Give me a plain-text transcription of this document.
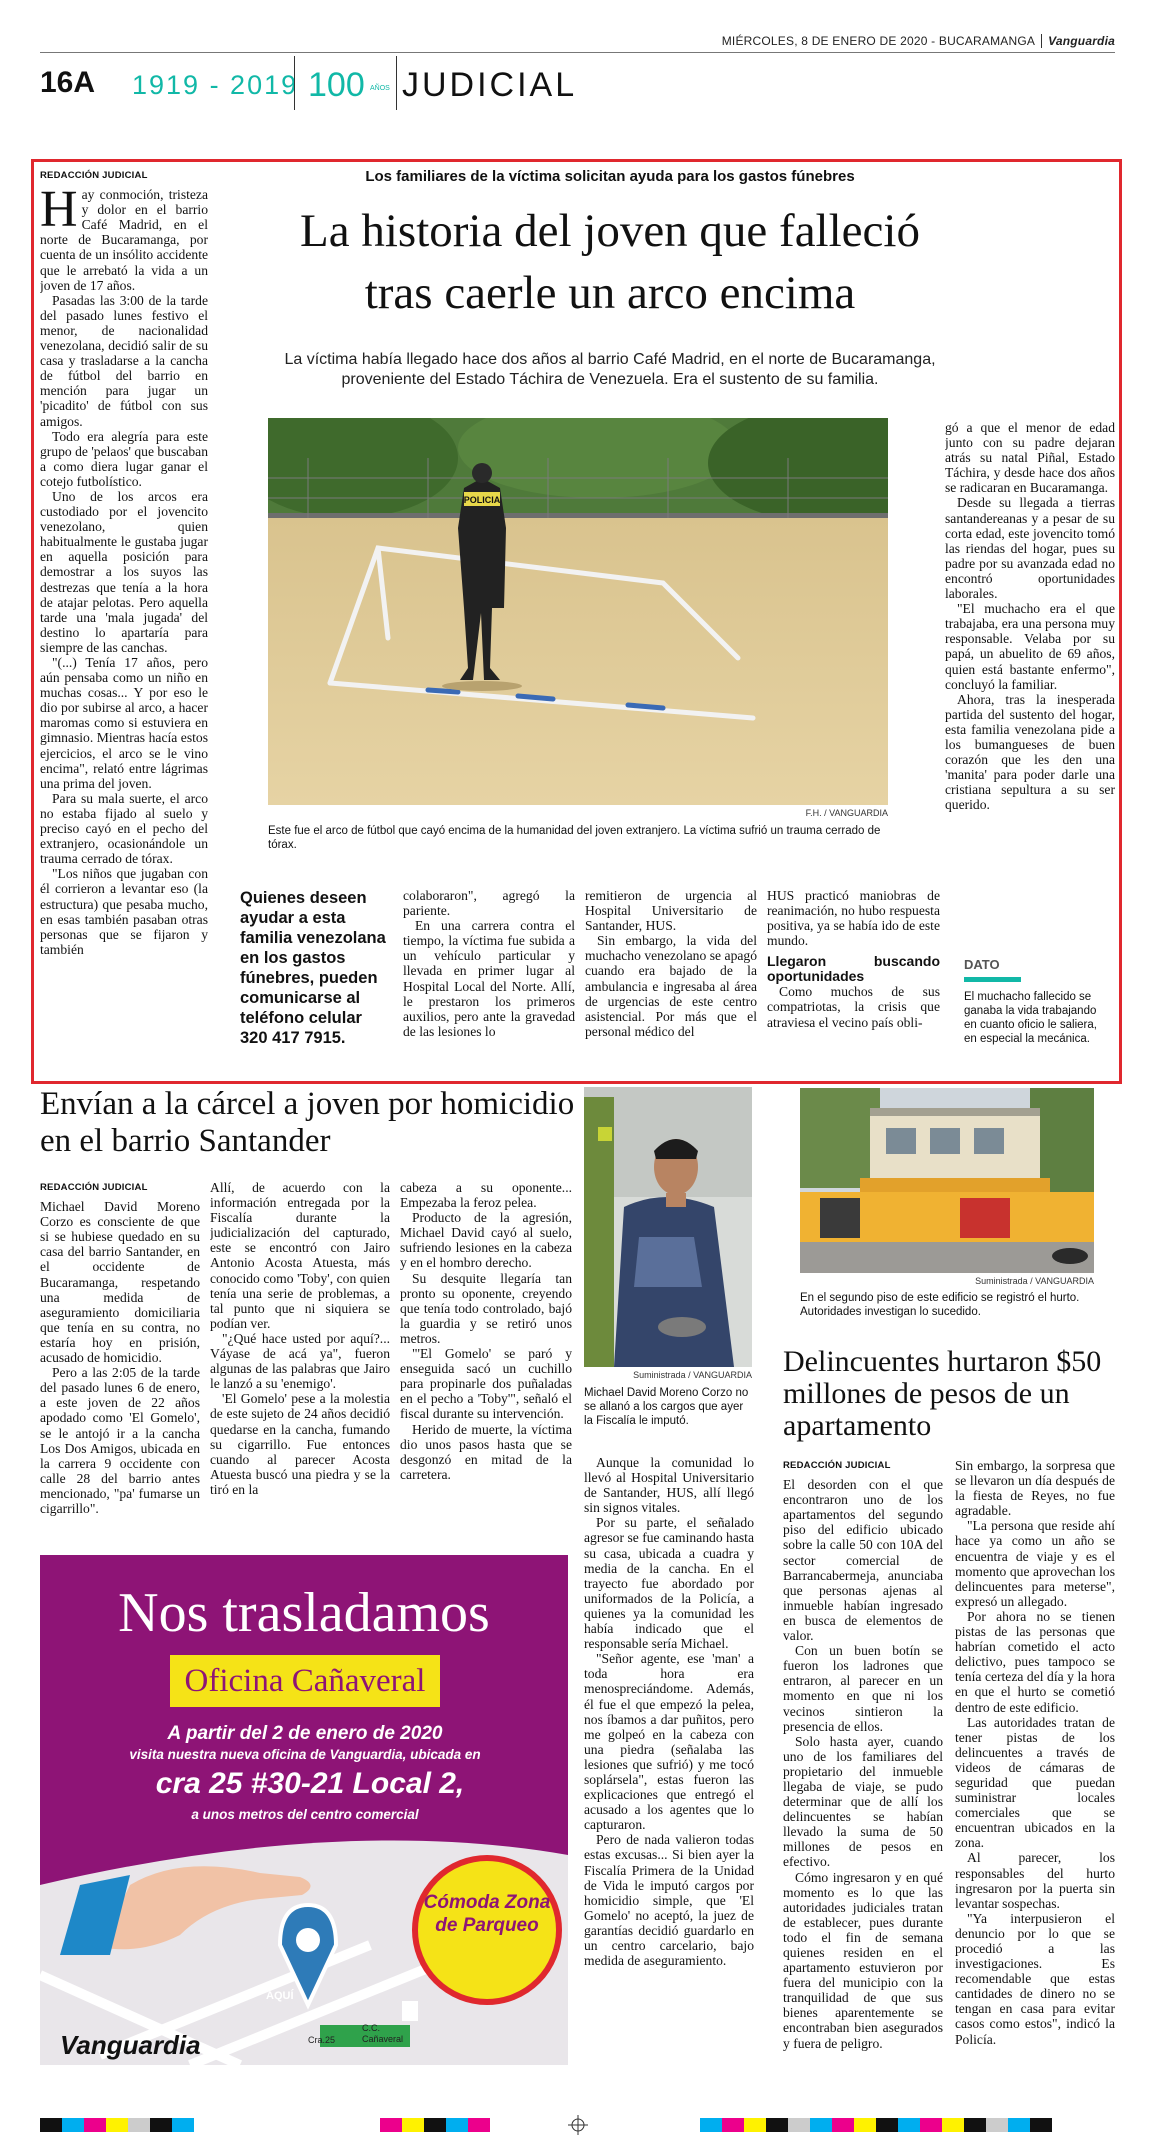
MIÉRCOLES, 8 DE ENERO DE 2020 - BUCARAMANGA Vanguardia
16A 1919 - 2019 100 AÑOS JUDICIAL
REDACCIÓN JUDICIAL

Hay conmoción, tristeza y dolor en el barrio Café Madrid, en el norte de Bucaramanga, por cuenta de un insólito accidente que le arrebató la vida a un joven de 17 años.

Pasadas las 3:00 de la tarde del pasado lunes festivo el menor, de nacionalidad venezolana, decidió salir de su casa y trasladarse a la cancha de fútbol del barrio en mención para jugar un 'picadito' de fútbol con sus amigos.

Todo era alegría para este grupo de 'pelaos' que buscaban a como diera lugar ganar el cotejo futbolístico.

Uno de los arcos era custodiado por el jovencito venezolano, quien habitualmente le gustaba jugar en aquella posición para demostrar a los suyos las destrezas que tenía a la hora de atajar pelotas. Pero aquella tarde una 'mala jugada' del destino lo apartaría para siempre de las canchas.

"(...) Tenía 17 años, pero aún pensaba como un niño en muchas cosas... Y por eso le dio por subirse al arco, a hacer maromas como si estuviera en gimnasio. Mientras hacía estos ejercicios, el arco se le vino encima", relató entre lágrimas una prima del joven.

Para su mala suerte, el arco no estaba fijado al suelo y preciso cayó en el pecho del extranjero, ocasionándole un trauma cerrado de tórax.

"Los niños que jugaban con él corrieron a levantar eso (la estructura) que pesaba mucho, en esas también pasaban otras personas que se fijaron y también

Los familiares de la víctima solicitan ayuda para los gastos fúnebres
La historia del joven que falleció tras caerle un arco encima
La víctima había llegado hace dos años al barrio Café Madrid, en el norte de Bucaramanga, proveniente del Estado Táchira de Venezuela. Era el sustento de su familia.
POLICIA
F.H. / VANGUARDIA
Este fue el arco de fútbol que cayó encima de la humanidad del joven extranjero. La víctima sufrió un trauma cerrado de tórax.
Quienes deseen ayudar a esta familia venezolana en los gastos fúnebres, pueden comunicarse al teléfono celular 320 417 7915.

colaboraron", agregó la pariente.

En una carrera contra el tiempo, la víctima fue subida a un vehículo particular y llevada en primer lugar al Hospital Local del Norte. Allí, le prestaron los primeros auxilios, pero ante la gravedad de las lesiones lo

remitieron de urgencia al Hospital Universitario de Santander, HUS.

Sin embargo, la vida del muchacho venezolano se apagó cuando era bajado de la ambulancia e ingresaba al área de urgencias de este centro asistencial. Por más que el personal médico del

HUS practicó maniobras de reanimación, no hubo respuesta positiva, ya se había ido de este mundo.

Llegaron buscando oportunidades

Como muchos de sus compatriotas, la crisis que atraviesa el vecino país obli-

gó a que el menor de edad junto con su padre dejaran atrás su natal Piñal, Estado Táchira, y desde hace dos años se radicaran en Bucaramanga.

Desde su llegada a tierras santandereanas y a pesar de su corta edad, este jovencito tomó las riendas del hogar, pues su padre por su avanzada edad no encontró oportunidades laborales.

"El muchacho era el que trabajaba, era una persona muy responsable. Velaba por su papá, un abuelito de 69 años, quien está bastante enfermo", concluyó la familiar.

Ahora, tras la inesperada partida del sustento del hogar, esta familia venezolana pide a los bumangueses de buen corazón que les den una 'manita' para poder darle una cristiana sepultura a su ser querido.

DATO
El muchacho fallecido se ganaba la vida trabajando en cuanto oficio le saliera, en especial la mecánica.
Envían a la cárcel a joven por homicidio en el barrio Santander
REDACCIÓN JUDICIAL

Michael David Moreno Corzo es consciente de que si se hubiese quedado en su casa del barrio Santander, en el occidente de Bucaramanga, respetando una medida de aseguramiento domiciliaria que tenía en su contra, no estaría hoy en prisión, acusado de homicidio.

Pero a las 2:05 de la tarde del pasado lunes 6 de enero, a este joven de 22 años apodado como 'El Gomelo', se le antojó ir a la cancha Los Dos Amigos, ubicada en la carrera 9 occidente con calle 28 del barrio antes mencionado, "pa' fumarse un cigarrillo".

Allí, de acuerdo con la información entregada por la Fiscalía durante la judicialización del capturado, este se encontró con Jairo Antonio Acosta Atuesta, más conocido como 'Toby', con quien tenía una serie de problemas, a tal punto que ni siquiera se podían ver.

"¿Qué hace usted por aquí?... Váyase de acá ya", fueron algunas de las palabras que Jairo le lanzó a su 'enemigo'.

'El Gomelo' pese a la molestia de este sujeto de 24 años decidió quedarse en la cancha, fumando su cigarrillo. Fue entonces cuando al parecer Acosta Atuesta buscó una piedra y se la tiró en la

cabeza a su oponente... Empezaba la feroz pelea.

Producto de la agresión, Michael David cayó al suelo, sufriendo lesiones en la cabeza y en el hombro derecho.

Su desquite llegaría tan pronto su oponente, creyendo que tenía todo controlado, bajó la guardia y se retiró unos metros.

"'El Gomelo' se paró y enseguida sacó un cuchillo para propinarle dos puñaladas en el pecho a 'Toby'", señaló el fiscal durante su intervención.

Herido de muerte, la víctima dio unos pasos hasta que se desgonzó en mitad de la carretera.

Suministrada / VANGUARDIA
Michael David Moreno Corzo no se allanó a los cargos que ayer la Fiscalía le imputó.

Aunque la comunidad lo llevó al Hospital Universitario de Santander, HUS, allí llegó sin signos vitales.

Por su parte, el señalado agresor se fue caminando hasta su casa, ubicada a cuadra y media de la cancha. En el trayecto fue abordado por uniformados de la Policía, a quienes ya la comunidad les había indicado que el responsable sería Michael.

"Señor agente, ese 'man' a toda hora era menospreciándome. Además, él fue el que empezó la pelea, nos íbamos a dar puñitos, pero me golpeó en la cabeza con una piedra (señalaba las lesiones que sufrió) y me tocó soplársela", estas fueron las explicaciones que entregó el acusado a los agentes que lo capturaron.

Pero de nada valieron todas estas excusas... Si bien ayer la Fiscalía Primera de la Unidad de Vida le imputó cargos por homicidio simple, que 'El Gomelo' no aceptó, la juez de garantías decidió guardarlo en un centro carcelario, bajo medida de aseguramiento.

Suministrada / VANGUARDIA
En el segundo piso de este edificio se registró el hurto. Autoridades investigan lo sucedido.
Delincuentes hurtaron $50 millones de pesos de un apartamento
REDACCIÓN JUDICIAL

El desorden con el que encontraron uno de los apartamentos del segundo piso del edificio ubicado sobre la calle 50 con 10A del sector comercial de Barrancabermeja, anunciaba que personas ajenas al inmueble habían ingresado en busca de elementos de valor.

Con un buen botín se fueron los ladrones que entraron, al parecer en un momento en que ni los vecinos sintieron la presencia de ellos.

Solo hasta ayer, cuando uno de los familiares del propietario del inmueble llegaba de viaje, se pudo determinar que de allí los delincuentes se habían llevado la suma de 50 millones de pesos en efectivo.

Cómo ingresaron y en qué momento es lo que las autoridades judiciales tratan de establecer, pues durante todo el fin de semana quienes residen en el apartamento estuvieron por fuera del municipio con la tranquilidad de que sus bienes aparentemente se encontraban bien asegurados y fuera de peligro.

Sin embargo, la sorpresa que se llevaron un día después de la fiesta de Reyes, no fue agradable.

"La persona que reside ahí hace ya como un año se encuentra de viaje y es el momento que aprovechan los delincuentes para meterse", expresó un allegado.

Por ahora no se tienen pistas de las personas que habrían cometido el acto delictivo, pues tampoco se tenía certeza del día y la hora en que el hurto se cometió dentro de este edificio.

Las autoridades tratan de tener pistas de los delincuentes a través de videos de cámaras de seguridad que puedan suministrar locales comerciales que se encuentran ubicados en la zona.

Al parecer, los responsables del hurto ingresaron por la puerta sin levantar sospechas.

"Ya interpusieron el denuncio por lo que se procedió a las investigaciones. Es recomendable que estas cantidades de dinero no se tengan en casa para evitar casos como estos", indicó la Policía.

Nos trasladamos
Oficina Cañaveral
A partir del 2 de enero de 2020
visita nuestra nueva oficina de Vanguardia, ubicada en
cra 25 #30-21 Local 2,
a unos metros del centro comercial
Cómoda Zona de Parqueo
AQUÍ
Cra.25
C.C.
Cañaveral
Vanguardia
